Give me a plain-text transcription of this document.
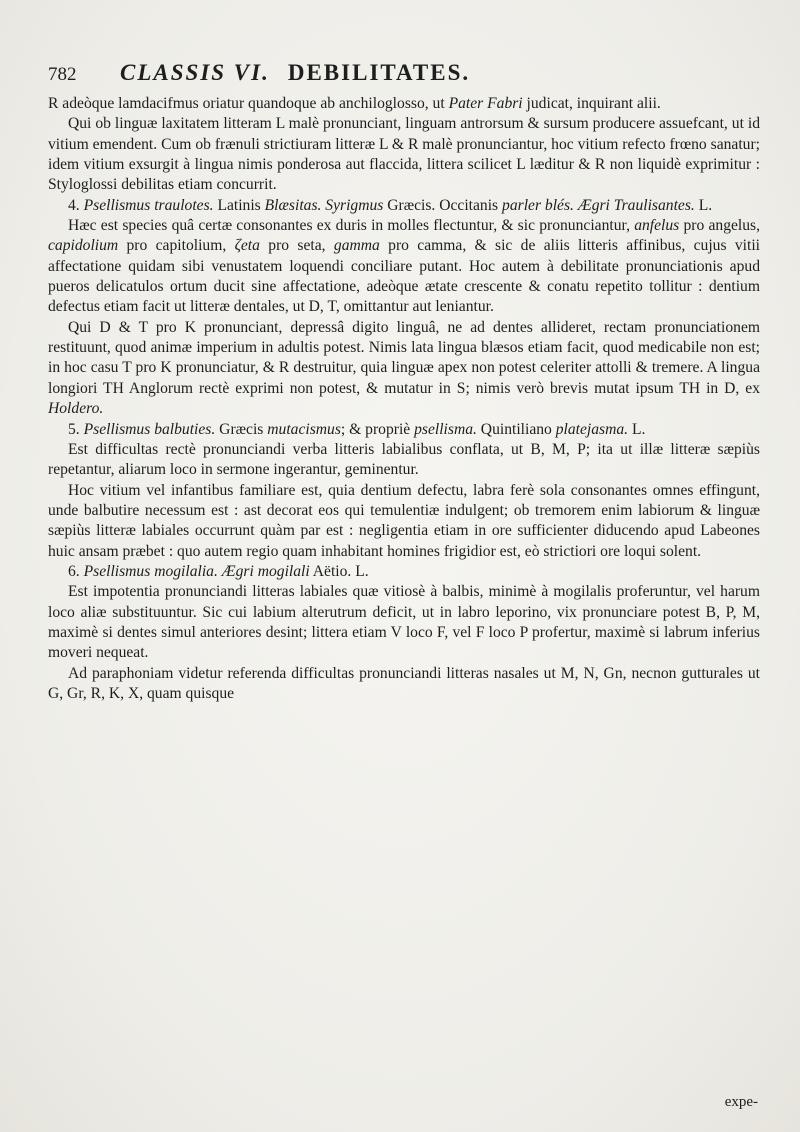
782 CLASSIS VI. DEBILITATES.

R adeòque lamdacifmus oriatur quandoque ab anchiloglosso, ut Pater Fabri judicat, inquirant alii.

Qui ob linguæ laxitatem litteram L malè pronunciant, linguam antrorsum & sursum producere assuefcant, ut id vitium emendent. Cum ob frænuli strictiuram litteræ L & R malè pronunciantur, hoc vitium refecto frœno sanatur; idem vitium exsurgit à lingua nimis ponderosa aut flaccida, littera scilicet L læditur & R non liquidè exprimitur : Styloglossi debilitas etiam concurrit.

4. Psellismus traulotes. Latinis Blæsitas. Syrigmus Græcis. Occitanis parler blés. Ægri Traulisantes. L.

Hæc est species quâ certæ consonantes ex duris in molles flectuntur, & sic pronunciantur, anfelus pro angelus, capidolium pro capitolium, ζeta pro seta, gamma pro camma, & sic de aliis litteris affinibus, cujus vitii affectatione quidam sibi venustatem loquendi conciliare putant. Hoc autem à debilitate pronunciationis apud pueros delicatulos ortum ducit sine affectatione, adeòque ætate crescente & conatu repetito tollitur : dentium defectus etiam facit ut litteræ dentales, ut D, T, omittantur aut leniantur.

Qui D & T pro K pronunciant, depressâ digito linguâ, ne ad dentes allideret, rectam pronunciationem restituunt, quod animæ imperium in adultis potest. Nimis lata lingua blæsos etiam facit, quod medicabile non est; in hoc casu T pro K pronunciatur, & R destruitur, quia linguæ apex non potest celeriter attolli & tremere. A lingua longiori TH Anglorum rectè exprimi non potest, & mutatur in S; nimis verò brevis mutat ipsum TH in D, ex Holdero.

5. Psellismus balbuties. Græcis mutacismus; & propriè psellisma. Quintiliano platejasma. L.

Est difficultas rectè pronunciandi verba litteris labialibus conflata, ut B, M, P; ita ut illæ litteræ sæpiùs repetantur, aliarum loco in sermone ingerantur, geminentur.

Hoc vitium vel infantibus familiare est, quia dentium defectu, labra ferè sola consonantes omnes effingunt, unde balbutire necessum est : ast decorat eos qui temulentiæ indulgent; ob tremorem enim labiorum & linguæ sæpiùs litteræ labiales occurrunt quàm par est : negligentia etiam in ore sufficienter diducendo apud Labeones huic ansam præbet : quo autem regio quam inhabitant homines frigidior est, eò strictiori ore loqui solent.

6. Psellismus mogilalia. Ægri mogilali Aëtio. L.

Est impotentia pronunciandi litteras labiales quæ vitiosè à balbis, minimè à mogilalis proferuntur, vel harum loco aliæ substituuntur. Sic cui labium alterutrum deficit, ut in labro leporino, vix pronunciare potest B, P, M, maximè si dentes simul anteriores desint; littera etiam V loco F, vel F loco P profertur, maximè si labrum inferius moveri nequeat.

Ad paraphoniam videtur referenda difficultas pronunciandi litteras nasales ut M, N, Gn, necnon gutturales ut G, Gr, R, K, X, quam quisque

expe-
